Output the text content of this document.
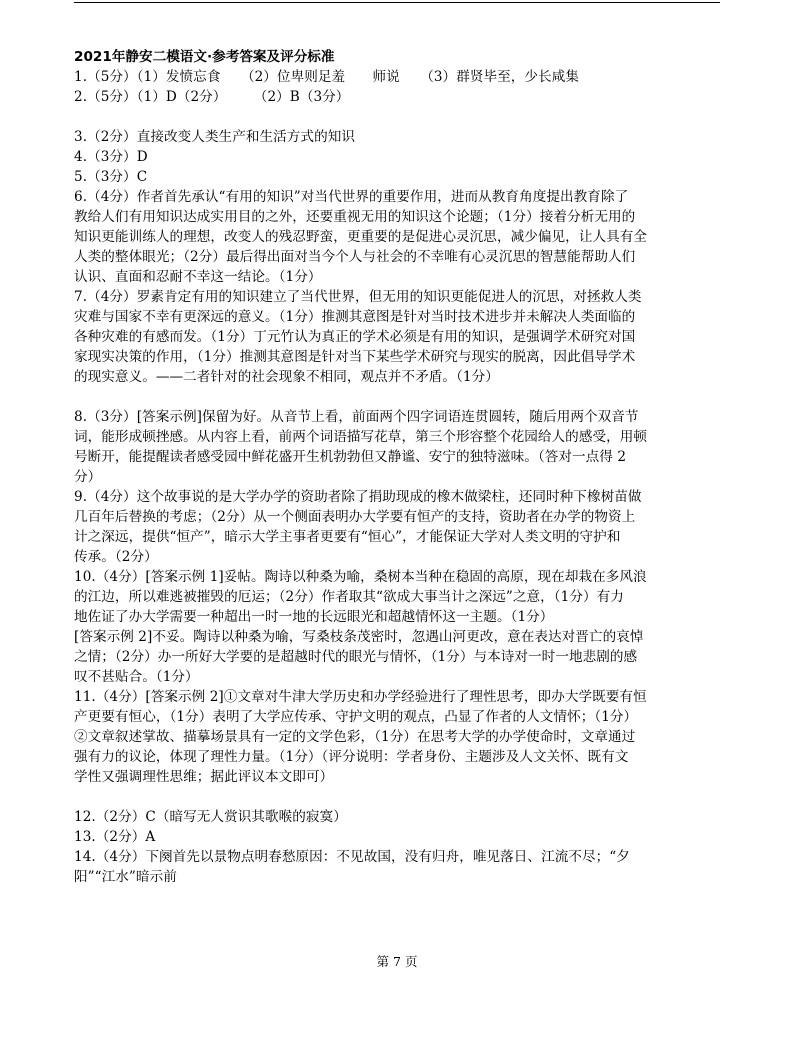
2021年静安二模语文·参考答案及评分标准
1.（5分）（1）发愤忘食　　（2）位卑则足羞　　师说　　（3）群贤毕至，少长咸集
2.（5分）（1）D（2分）　　　（2）B（3分）
3.（2分）直接改变人类生产和生活方式的知识
4.（3分）D
5.（3分）C
6.（4分）作者首先承认“有用的知识”对当代世界的重要作用，进而从教育角度提出教育除了
教给人们有用知识达成实用目的之外，还要重视无用的知识这个论题；（1分）接着分析无用的
知识更能训练人的理想，改变人的残忍野蛮，更重要的是促进心灵沉思，减少偏见，让人具有全
人类的整体眼光；（2分）最后得出面对当今个人与社会的不幸唯有心灵沉思的智慧能帮助人们
认识、直面和忍耐不幸这一结论。（1分）
7.（4分）罗素肯定有用的知识建立了当代世界，但无用的知识更能促进人的沉思，对拯救人类
灾难与国家不幸有更深远的意义。（1分）推测其意图是针对当时技术进步并未解决人类面临的
各种灾难的有感而发。（1分）丁元竹认为真正的学术必须是有用的知识，是强调学术研究对国
家现实决策的作用，（1分）推测其意图是针对当下某些学术研究与现实的脱离，因此倡导学术
的现实意义。——二者针对的社会现象不相同，观点并不矛盾。（1分）
8.（3分）[答案示例]保留为好。从音节上看，前面两个四字词语连贯圆转，随后用两个双音节
词，能形成顿挫感。从内容上看，前两个词语描写花草，第三个形容整个花园给人的感受，用顿
号断开，能提醒读者感受园中鲜花盛开生机勃勃但又静谧、安宁的独特滋味。（答对一点得 2
分）
9.（4分）这个故事说的是大学办学的资助者除了捐助现成的橡木做梁柱，还同时种下橡树苗做
几百年后替换的考虑；（2分）从一个侧面表明办大学要有恒产的支持，资助者在办学的物资上
计之深远，提供“恒产”，暗示大学主事者更要有“恒心”，才能保证大学对人类文明的守护和
传承。（2分）
10.（4分）[答案示例 1]妥帖。陶诗以种桑为喻，桑树本当种在稳固的高原，现在却栽在多风浪
的江边，所以难逃被摧毁的厄运；（2分）作者取其“欲成大事当计之深远”之意，（1分）有力
地佐证了办大学需要一种超出一时一地的长远眼光和超越情怀这一主题。（1分）
[答案示例 2]不妥。陶诗以种桑为喻，写桑枝条茂密时，忽遇山河更改，意在表达对晋亡的哀悼
之情；（2分）办一所好大学要的是超越时代的眼光与情怀，（1分）与本诗对一时一地悲剧的感
叹不甚贴合。（1分）
11.（4分）[答案示例 2]①文章对牛津大学历史和办学经验进行了理性思考，即办大学既要有恒
产更要有恒心，（1分）表明了大学应传承、守护文明的观点，凸显了作者的人文情怀；（1分）
②文章叙述掌故、描摹场景具有一定的文学色彩，（1分）在思考大学的办学使命时，文章通过
强有力的议论，体现了理性力量。（1分）（评分说明：学者身份、主题涉及人文关怀、既有文
学性又强调理性思维；据此评议本文即可）
12.（2分）C（暗写无人赏识其歌喉的寂寞）
13.（2分）A
14.（4分）下阕首先以景物点明春愁原因：不见故国，没有归舟，唯见落日、江流不尽；“夕
阳”“江水”暗示前
第 7 页
